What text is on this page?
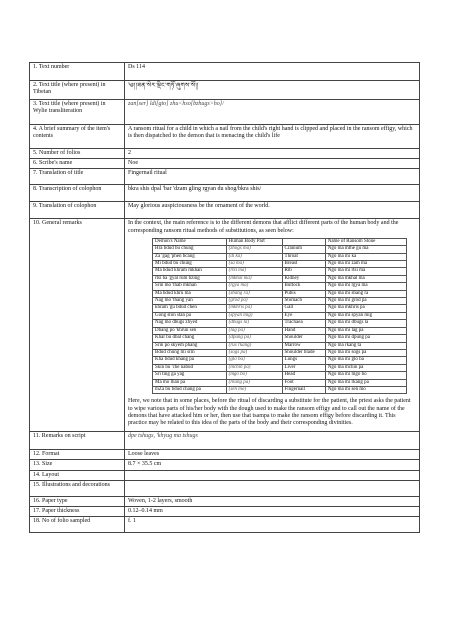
1. Text number	Ds 114
2. Text title (where present) in Tibetan	༄།།ཟན་སེར་ལྡིང་གཏོ་ཞུགས་སོ།།
3. Text title (where present) in Wylie transliteration	zan[ser] ldi[gto] zhu<hso[bzhugs>ho]/
4. A brief summary of the item's contents	A ransom ritual for a child in which a nail from the child's right hand is clipped and placed in the ransom effigy, which is then dispatched to the demon that is menacing the child's life
5. Number of folios	2
6. Scribe's name	Noe
7. Translation of title	Fingernail ritual
8. Transcription of colophon	bkra shis dpal 'bar 'dzam gling rgyan du shog/bkra shis/
9. Translation of colophon	May glorious auspiciousness be the ornament of the world.
10. General remarks	In the context, the main reference is to the different demons that afflict different parts of the human body and the corresponding ransom ritual methods of substitutions, as seen below:

Demon's Name	Human Body Part		Name of Ransom Stone
Hra bdud bu chung	(zhogs ma)	Cranium	Ngo ma mthe gu ma
Za 'gag 'phen bcang	(di ka)	Throat	Ngo ma mi ka
Mi bdud bu chung	(sa ma)	Breast	Ngo ma mi zam ma
Ma bdud khram mkhan	(rtsi ma)	Rib	Ngo ma mi rtsi ma
rtsi ba 'gyal rum bzing	(mkhal ma)	Kidney	Ngo ma mkhal ma
Srin mo 'thab mkhan	(rgya ma)	Buttock	Ngo ma mi rgya ma
Ma bdud khru ma	(sbang ra)	Pubis	Ngo ma mi sbang ra
Nag mo 'thang yan	(grod pa)	Stomach	Ngo ma mi grod pa
khram 'gu bdud chen	(mkhris pa)	Gall	Ngo ma mkhris pa
Gong ston stan pa	(spyan mig)	Eye	Ngo ma mi spyan mig
Nag mo dbugs zhyed	(dbugs la)	Trachaea	Ngo ma mi dbugs la
Dbang po 'khrun sen	(lag pa)	Hand	Ngo ma mi lag pa
Khar bu dbal chang	(dpung pa)	Shoulder	Ngo ma mi dpung pa
Srin po skyem phang	(rus rkang)	Marrow	Ngo ma rkang ta
Bdud chung mi srin	(sogs pa)	Shoulder blade	Ngo ma mi sogs pa
Kha bdud khang pa	(glo ba)	Lungs	Ngo ma mi glo ba
Skin bu 'che nabud	(mchin pa)	Liver	Ngo ma mchin pa
Sri ting ga yag	(mgo bo)	Head	Ngo ma mi mgo bo
Ma mo lhan pa	(rkang pa)	Foot	Ngo ma mi rkang pa
mZa bu bdud chang pa	(sen mo)	Fingernail	Ngo ma mi sen mo

Here, we note that in some places, before the ritual of discarding a substitute for the patient, the priest asks the patient to wipe various parts of his/her body with the dough used to make the ransom effigy and to call out the name of the demons that have attacked him or her, then use that tsampa to make the ransom effigy before discarding it. This practice may be related to this idea of the parts of the body and their corresponding divinities.

11. Remarks on script	dpe tshugs, 'khyug ma tshugs
12. Format	Loose leaves
13. Size	8.7 × 35.5 cm
14. Layout	
15. Illustrations and decorations	
16. Paper type	Woven, 1-2 layers, smooth
17. Paper thickness	0.12–0.14 mm
18. No of folio sampled	f. 1
